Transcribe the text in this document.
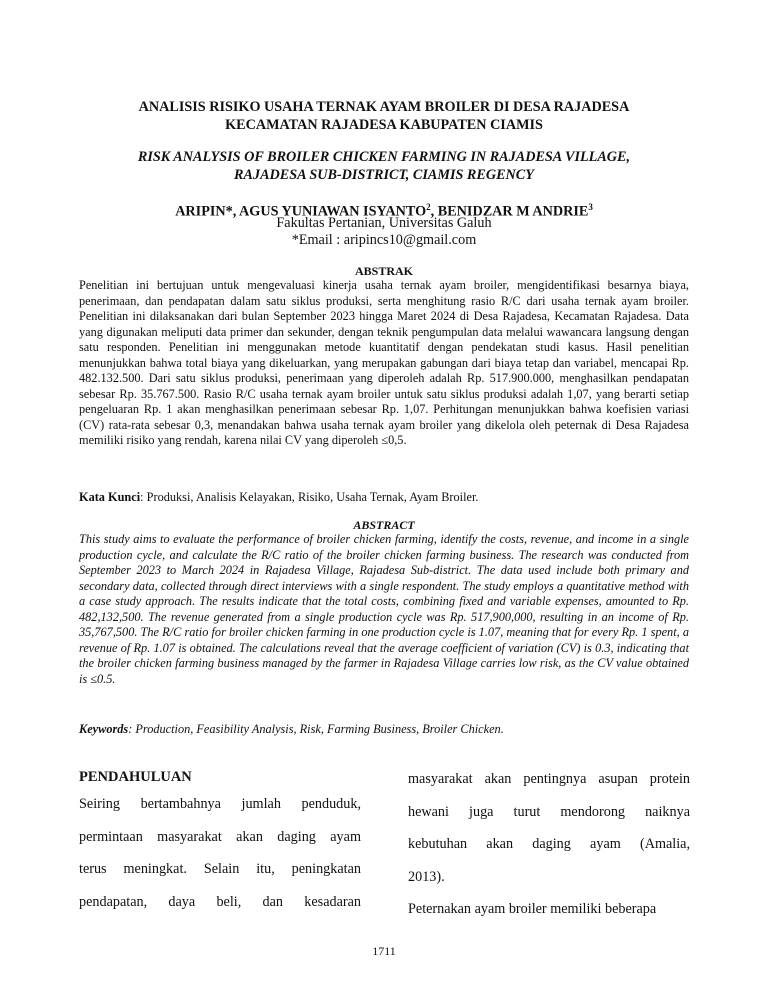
ANALISIS RISIKO USAHA TERNAK AYAM BROILER DI DESA RAJADESA
KECAMATAN RAJADESA KABUPATEN CIAMIS
RISK ANALYSIS OF BROILER CHICKEN FARMING IN RAJADESA VILLAGE,
RAJADESA SUB-DISTRICT, CIAMIS REGENCY
ARIPIN*, AGUS YUNIAWAN ISYANTO$^2$, BENIDZAR M ANDRIE$^3$
Fakultas Pertanian, Universitas Galuh
*Email : aripincs10@gmail.com
ABSTRAK

Penelitian ini bertujuan untuk mengevaluasi kinerja usaha ternak ayam broiler, mengidentifikasi besarnya biaya, penerimaan, dan pendapatan dalam satu siklus produksi, serta menghitung rasio R/C dari usaha ternak ayam broiler. Penelitian ini dilaksanakan dari bulan September 2023 hingga Maret 2024 di Desa Rajadesa, Kecamatan Rajadesa. Data yang digunakan meliputi data primer dan sekunder, dengan teknik pengumpulan data melalui wawancara langsung dengan satu responden. Penelitian ini menggunakan metode kuantitatif dengan pendekatan studi kasus. Hasil penelitian menunjukkan bahwa total biaya yang dikeluarkan, yang merupakan gabungan dari biaya tetap dan variabel, mencapai Rp. 482.132.500. Dari satu siklus produksi, penerimaan yang diperoleh adalah Rp. 517.900.000, menghasilkan pendapatan sebesar Rp. 35.767.500. Rasio R/C usaha ternak ayam broiler untuk satu siklus produksi adalah 1,07, yang berarti setiap pengeluaran Rp. 1 akan menghasilkan penerimaan sebesar Rp. 1,07. Perhitungan menunjukkan bahwa koefisien variasi (CV) rata-rata sebesar 0,3, menandakan bahwa usaha ternak ayam broiler yang dikelola oleh peternak di Desa Rajadesa memiliki risiko yang rendah, karena nilai CV yang diperoleh ≤0,5.

Kata Kunci: Produksi, Analisis Kelayakan, Risiko, Usaha Ternak, Ayam Broiler.
ABSTRACT

This study aims to evaluate the performance of broiler chicken farming, identify the costs, revenue, and income in a single production cycle, and calculate the R/C ratio of the broiler chicken farming business. The research was conducted from September 2023 to March 2024 in Rajadesa Village, Rajadesa Sub-district. The data used include both primary and secondary data, collected through direct interviews with a single respondent. The study employs a quantitative method with a case study approach. The results indicate that the total costs, combining fixed and variable expenses, amounted to Rp. 482,132,500. The revenue generated from a single production cycle was Rp. 517,900,000, resulting in an income of Rp. 35,767,500. The R/C ratio for broiler chicken farming in one production cycle is 1.07, meaning that for every Rp. 1 spent, a revenue of Rp. 1.07 is obtained. The calculations reveal that the average coefficient of variation (CV) is 0.3, indicating that the broiler chicken farming business managed by the farmer in Rajadesa Village carries low risk, as the CV value obtained is ≤0.5.

Keywords: Production, Feasibility Analysis, Risk, Farming Business, Broiler Chicken.
PENDAHULUAN
Seiring bertambahnya jumlah penduduk,
permintaan masyarakat akan daging ayam
terus meningkat. Selain itu, peningkatan
pendapatan, daya beli, dan kesadaran
masyarakat akan pentingnya asupan protein
hewani juga turut mendorong naiknya
kebutuhan akan daging ayam (Amalia,
2013).
Peternakan ayam broiler memiliki beberapa
1711
